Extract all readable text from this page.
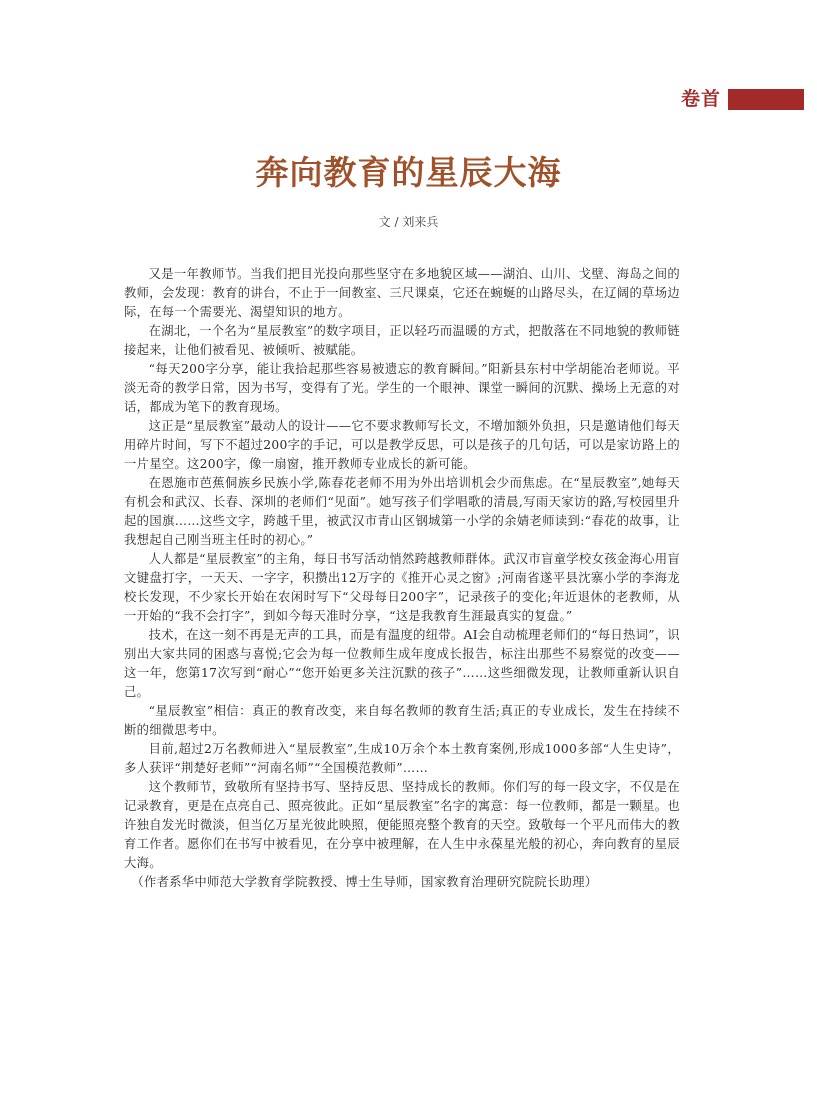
卷首
奔向教育的星辰大海
文 / 刘来兵

又是一年教师节。当我们把目光投向那些坚守在多地貌区域——湖泊、山川、戈壁、海岛之间的教师，会发现：教育的讲台，不止于一间教室、三尺课桌，它还在蜿蜒的山路尽头，在辽阔的草场边际，在每一个需要光、渴望知识的地方。

在湖北，一个名为“星辰教室”的数字项目，正以轻巧而温暖的方式，把散落在不同地貌的教师链接起来，让他们被看见、被倾听、被赋能。

“每天200字分享，能让我拾起那些容易被遗忘的教育瞬间。”阳新县东村中学胡能冶老师说。平淡无奇的教学日常，因为书写，变得有了光。学生的一个眼神、课堂一瞬间的沉默、操场上无意的对话，都成为笔下的教育现场。

这正是“星辰教室”最动人的设计——它不要求教师写长文，不增加额外负担，只是邀请他们每天用碎片时间，写下不超过200字的手记，可以是教学反思，可以是孩子的几句话，可以是家访路上的一片星空。这200字，像一扇窗，推开教师专业成长的新可能。

在恩施市芭蕉侗族乡民族小学,陈春花老师不用为外出培训机会少而焦虑。在“星辰教室”,她每天有机会和武汉、长春、深圳的老师们“见面”。她写孩子们学唱歌的清晨,写雨天家访的路,写校园里升起的国旗……这些文字，跨越千里，被武汉市青山区钢城第一小学的余婧老师读到:“春花的故事，让我想起自己刚当班主任时的初心。”

人人都是“星辰教室”的主角，每日书写活动悄然跨越教师群体。武汉市盲童学校女孩金海心用盲文键盘打字，一天天、一字字，积攒出12万字的《推开心灵之窗》;河南省遂平县沈寨小学的李海龙校长发现，不少家长开始在农闲时写下“父母每日200字”，记录孩子的变化;年近退休的老教师，从一开始的“我不会打字”，到如今每天准时分享，“这是我教育生涯最真实的复盘。”

技术，在这一刻不再是无声的工具，而是有温度的纽带。AI会自动梳理老师们的“每日热词”，识别出大家共同的困惑与喜悦;它会为每一位教师生成年度成长报告，标注出那些不易察觉的改变——这一年，您第17次写到“耐心”“您开始更多关注沉默的孩子”……这些细微发现，让教师重新认识自己。

“星辰教室”相信：真正的教育改变，来自每名教师的教育生活;真正的专业成长，发生在持续不断的细微思考中。

目前,超过2万名教师进入“星辰教室”,生成10万余个本土教育案例,形成1000多部“人生史诗”，多人获评“荆楚好老师”“河南名师”“全国模范教师”……

这个教师节，致敬所有坚持书写、坚持反思、坚持成长的教师。你们写的每一段文字，不仅是在记录教育，更是在点亮自己、照亮彼此。正如“星辰教室”名字的寓意：每一位教师，都是一颗星。也许独自发光时微淡，但当亿万星光彼此映照，便能照亮整个教育的天空。致敬每一个平凡而伟大的教育工作者。愿你们在书写中被看见，在分享中被理解，在人生中永葆星光般的初心，奔向教育的星辰大海。

（作者系华中师范大学教育学院教授、博士生导师，国家教育治理研究院院长助理）
